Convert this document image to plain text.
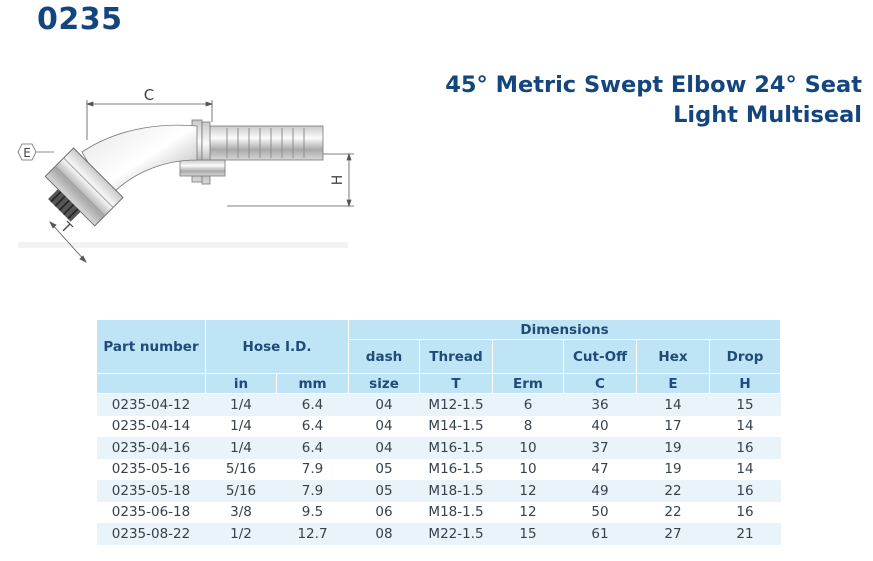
0235
45° Metric Swept Elbow 24° Seat
Light Multiseal
C
H
E
T
Part number	Hose I.D.		Dimensions					
			dash	Thread		Cut-Off	Hex	Drop
	in	mm	size	T	Erm	C	E	H
0235-04-12	1/4	6.4	04	M12-1.5	6	36	14	15
0235-04-14	1/4	6.4	04	M14-1.5	8	40	17	14
0235-04-16	1/4	6.4	04	M16-1.5	10	37	19	16
0235-05-16	5/16	7.9	05	M16-1.5	10	47	19	14
0235-05-18	5/16	7.9	05	M18-1.5	12	49	22	16
0235-06-18	3/8	9.5	06	M18-1.5	12	50	22	16
0235-08-22	1/2	12.7	08	M22-1.5	15	61	27	21
